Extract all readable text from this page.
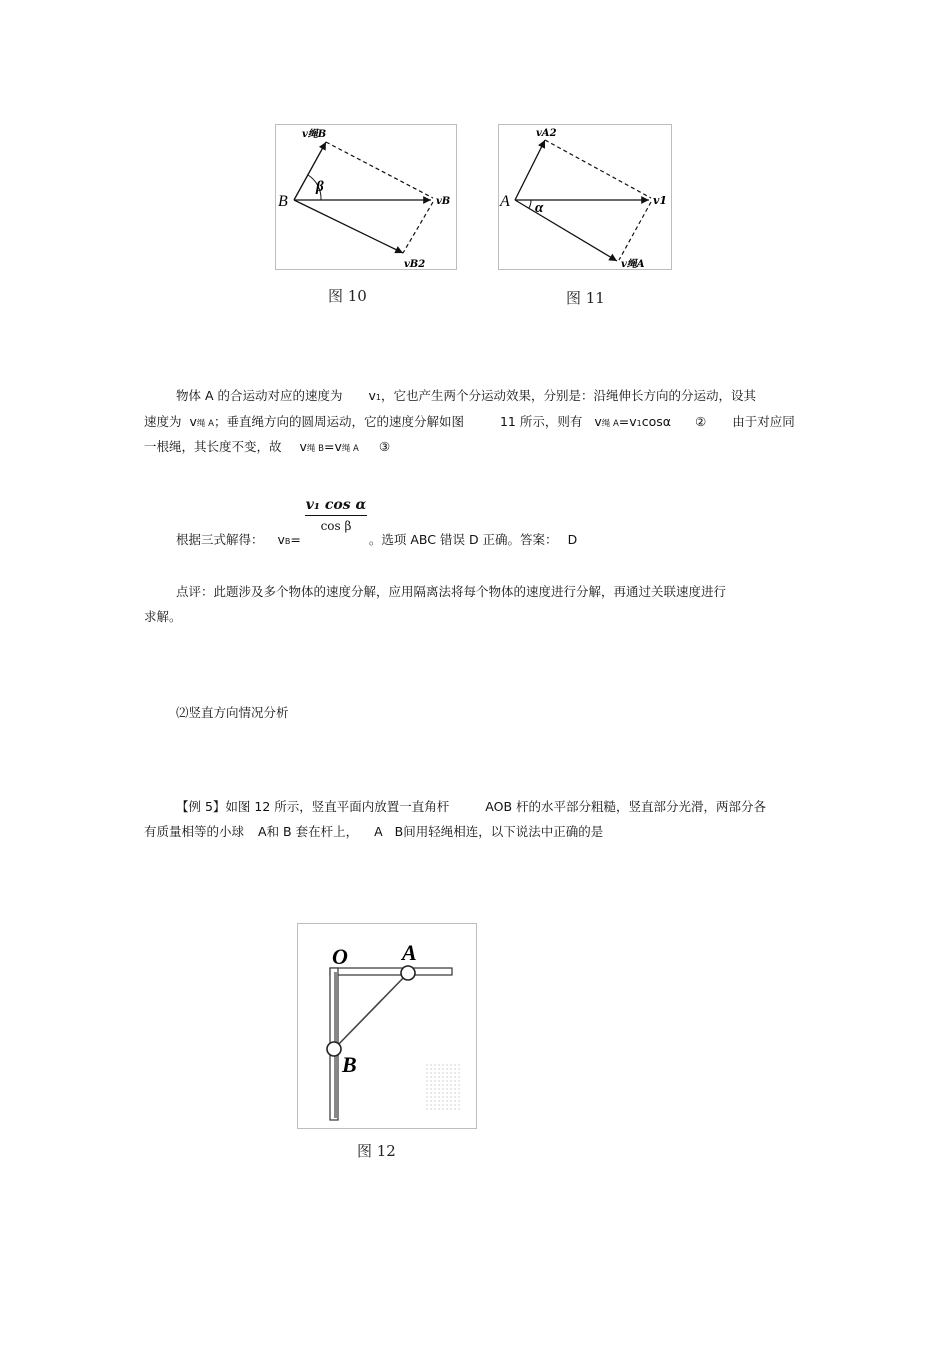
v绳B
B
β
vB
vB2
图 10
vA2
A α	v1
v绳A
图 11
物体 A 的合运动对应的速度为 v1，它也产生两个分运动效果，分别是：沿绳伸长方向的分运动，设其
速度为 v绳 A；垂直绳方向的圆周运动，它的速度分解如图	11 所示，则有 v绳 A=v1cosα ② 由于对应同
一根绳，其长度不变，故 v绳 B=v绳 A ③
v₁ cos α
cos β
根据三式解得： vB=	。选项 ABC 错误 D 正确。答案： D
点评：此题涉及多个物体的速度分解，应用隔离法将每个物体的速度进行分解，再通过关联速度进行
求解。
⑵竖直方向情况分析
【例 5】如图 12 所示，竖直平面内放置一直角杆	AOB 杆的水平部分粗糙，竖直部分光滑，两部分各
有质量相等的小球 A和 B 套在杆上， A B间用轻绳相连，以下说法中正确的是
O A
B
图 12
